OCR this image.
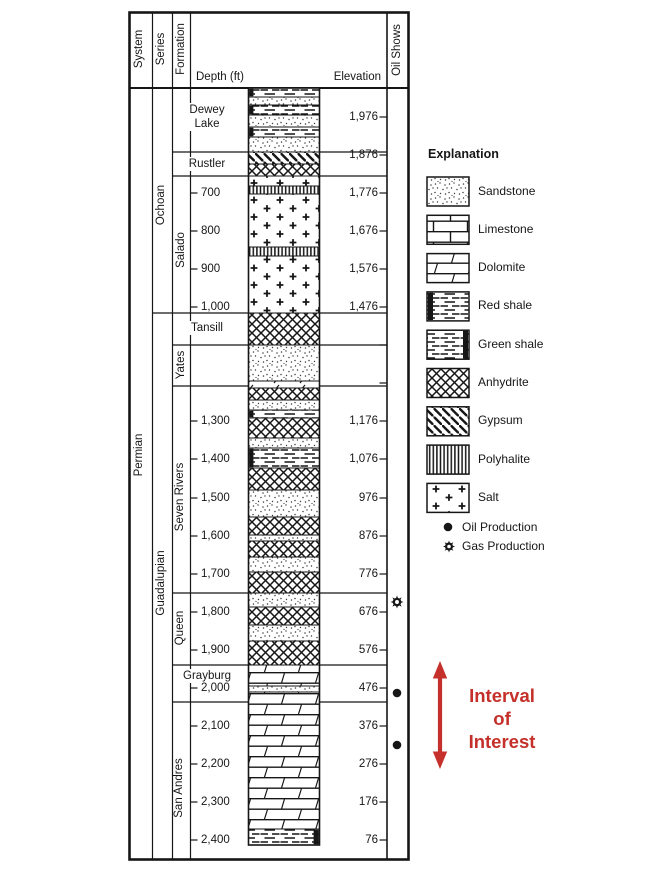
System Series Formation	Oil Shows
Depth (ft)	Elevation
Explanation
Interval
of
Interest
Permian
Ochoan
Guadalupian
Dewey Lake
Rustler
Salado
Tansill
Yates
Seven Rivers
Queen
Grayburg
San Andres
700
800
900
1,000
1,300
1,400
1,500
1,600
1,700
1,800
1,900
2,000
2,100
2,200
2,300
2,400
1,976
1,876
1,776
1,676
1,576
1,476
1,176
1,076
976
876
776
676
576
476
376
276
176
76
Sandstone
Limestone
Dolomite
Red shale
Green shale
Anhydrite
Gypsum
Polyhalite
Salt
Oil Production
Gas Production
